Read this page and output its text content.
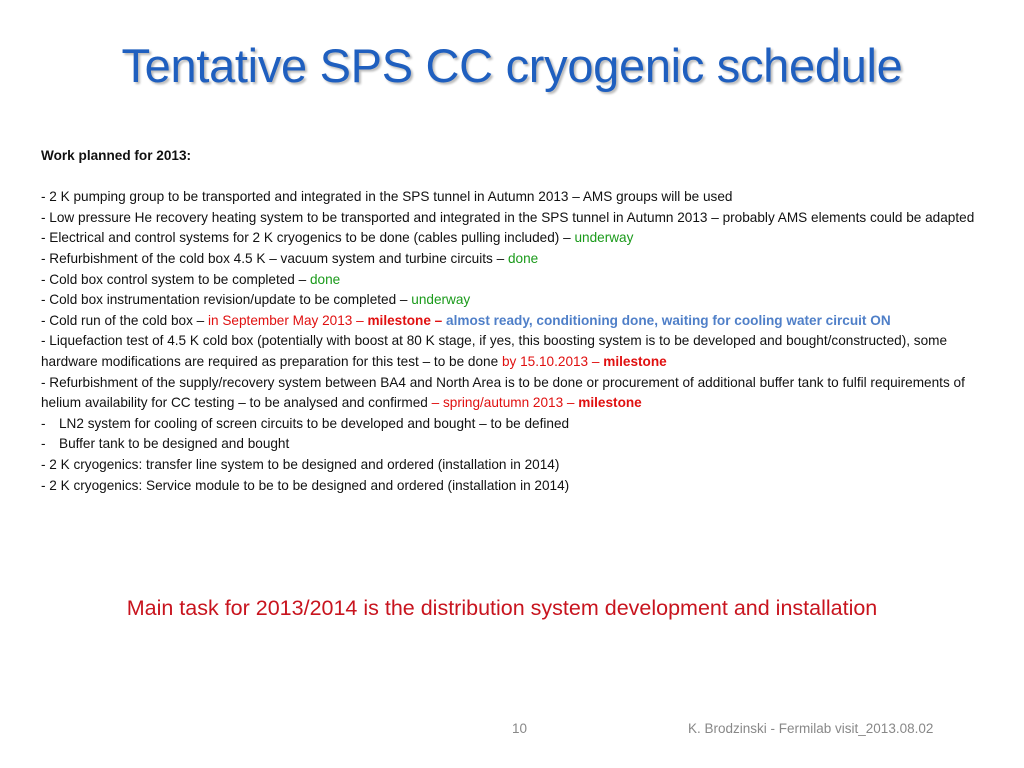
Tentative SPS CC cryogenic schedule
Work planned for 2013:
- 2 K pumping group to be transported and integrated in the SPS tunnel in Autumn 2013 – AMS groups will be used
- Low pressure He recovery heating system to be transported and integrated in the SPS tunnel in Autumn 2013 – probably AMS elements could be adapted
- Electrical and control systems for 2 K cryogenics to be done (cables pulling included) – underway
- Refurbishment of the cold box 4.5 K – vacuum system and turbine circuits – done
- Cold box control system to be completed – done
- Cold box instrumentation revision/update to be completed – underway
- Cold run of the cold box – in September May 2013 – milestone – almost ready, conditioning done, waiting for cooling water circuit ON
- Liquefaction test of 4.5 K cold box (potentially with boost at 80 K stage, if yes, this boosting system is to be developed and bought/constructed), some hardware modifications are required as preparation for this test – to be done by 15.10.2013 – milestone
- Refurbishment of the supply/recovery system between BA4 and North Area is to be done or procurement of additional buffer tank to fulfil requirements of helium availability for CC testing – to be analysed and confirmed – spring/autumn 2013 – milestone
- LN2 system for cooling of screen circuits to be developed and bought – to be defined
- Buffer tank to be designed and bought
- 2 K cryogenics: transfer line system to be designed and ordered (installation in 2014)
- 2 K cryogenics: Service module to be to be designed and ordered (installation in 2014)
Main task for 2013/2014 is the distribution system development and installation
10	K. Brodzinski - Fermilab visit_2013.08.02
